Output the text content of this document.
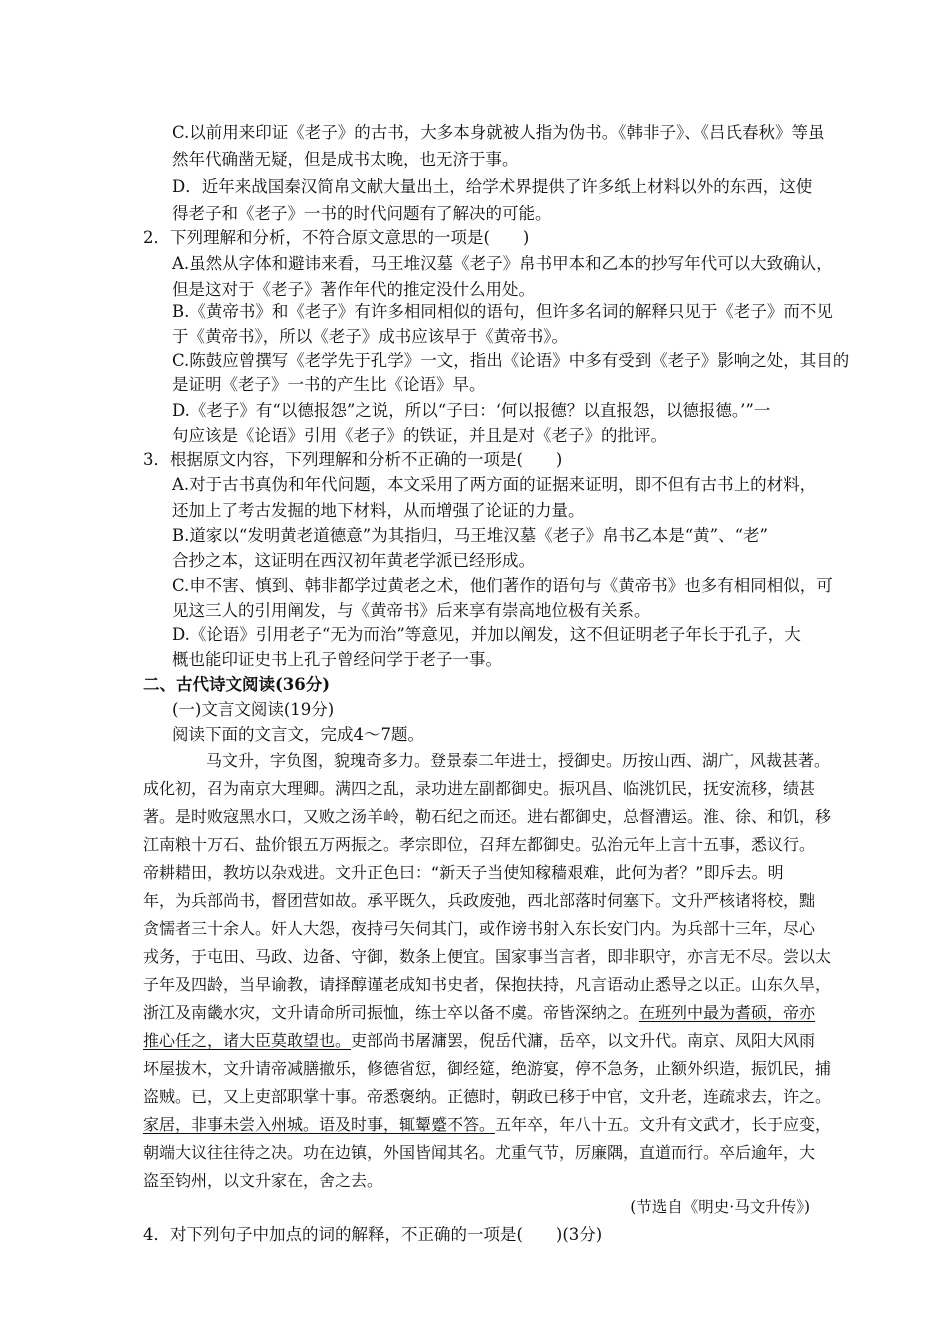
C.以前用来印证《老子》的古书，大多本身就被人指为伪书。《韩非子》、《吕氏春秋》等虽
然年代确凿无疑，但是成书太晚，也无济于事。
D．近年来战国秦汉简帛文献大量出土，给学术界提供了许多纸上材料以外的东西，这使
得老子和《老子》一书的时代问题有了解决的可能。
2．下列理解和分析，不符合原文意思的一项是(　　)
A.虽然从字体和避讳来看，马王堆汉墓《老子》帛书甲本和乙本的抄写年代可以大致确认，
但是这对于《老子》著作年代的推定没什么用处。
B.《黄帝书》和《老子》有许多相同相似的语句，但许多名词的解释只见于《老子》而不见
于《黄帝书》，所以《老子》成书应该早于《黄帝书》。
C.陈鼓应曾撰写《老学先于孔学》一文，指出《论语》中多有受到《老子》影响之处，其目的
是证明《老子》一书的产生比《论语》早。
D.《老子》有“以德报怨”之说，所以“子曰：‘何以报德？以直报怨，以德报德。’”一
句应该是《论语》引用《老子》的铁证，并且是对《老子》的批评。
3．根据原文内容，下列理解和分析不正确的一项是(　　)
A.对于古书真伪和年代问题，本文采用了两方面的证据来证明，即不但有古书上的材料，
还加上了考古发掘的地下材料，从而增强了论证的力量。
B.道家以“发明黄老道德意”为其指归，马王堆汉墓《老子》帛书乙本是“黄”、“老”
合抄之本，这证明在西汉初年黄老学派已经形成。
C.申不害、慎到、韩非都学过黄老之术，他们著作的语句与《黄帝书》也多有相同相似，可
见这三人的引用阐发，与《黄帝书》后来享有崇高地位极有关系。
D.《论语》引用老子“无为而治”等意见，并加以阐发，这不但证明老子年长于孔子，大
概也能印证史书上孔子曾经问学于老子一事。
二、古代诗文阅读(36分)
(一)文言文阅读(19分)
阅读下面的文言文，完成4～7题。
马文升，字负图，貌瑰奇多力。登景泰二年进士，授御史。历按山西、湖广，风裁甚著。
成化初，召为南京大理卿。满四之乱，录功进左副都御史。振巩昌、临洮饥民，抚安流移，绩甚
著。是时败寇黑水口，又败之汤羊岭，勒石纪之而还。进右都御史，总督漕运。淮、徐、和饥，移
江南粮十万石、盐价银五万两振之。孝宗即位，召拜左都御史。弘治元年上言十五事，悉议行。
帝耕耤田，教坊以杂戏进。文升正色曰：“新天子当使知稼穑艰难，此何为者？”即斥去。明
年，为兵部尚书，督团营如故。承平既久，兵政废弛，西北部落时伺塞下。文升严核诸将校，黜
贪懦者三十余人。奸人大怨，夜持弓矢伺其门，或作谤书射入东长安门内。为兵部十三年，尽心
戎务，于屯田、马政、边备、守御，数条上便宜。国家事当言者，即非职守，亦言无不尽。尝以太
子年及四龄，当早谕教，请择醇谨老成知书史者，保抱扶持，凡言语动止悉导之以正。山东久旱，
浙江及南畿水灾，文升请命所司振恤，练士卒以备不虞。帝皆深纳之。在班列中最为耆硕，帝亦
推心任之，诸大臣莫敢望也。吏部尚书屠滽罢，倪岳代滽，岳卒，以文升代。南京、凤阳大风雨
坏屋拔木，文升请帝减膳撤乐，修德省愆，御经筵，绝游宴，停不急务，止额外织造，振饥民，捕
盗贼。已，又上吏部职掌十事。帝悉褒纳。正德时，朝政已移于中官，文升老，连疏求去，许之。
家居，非事未尝入州城。语及时事，辄颦蹙不答。五年卒，年八十五。文升有文武才，长于应变，
朝端大议往往待之决。功在边镇，外国皆闻其名。尤重气节，厉廉隅，直道而行。卒后逾年，大
盗至钧州，以文升家在，舍之去。
(节选自《明史·马文升传》)
4．对下列句子中加点的词的解释，不正确的一项是(　　)(3分)
